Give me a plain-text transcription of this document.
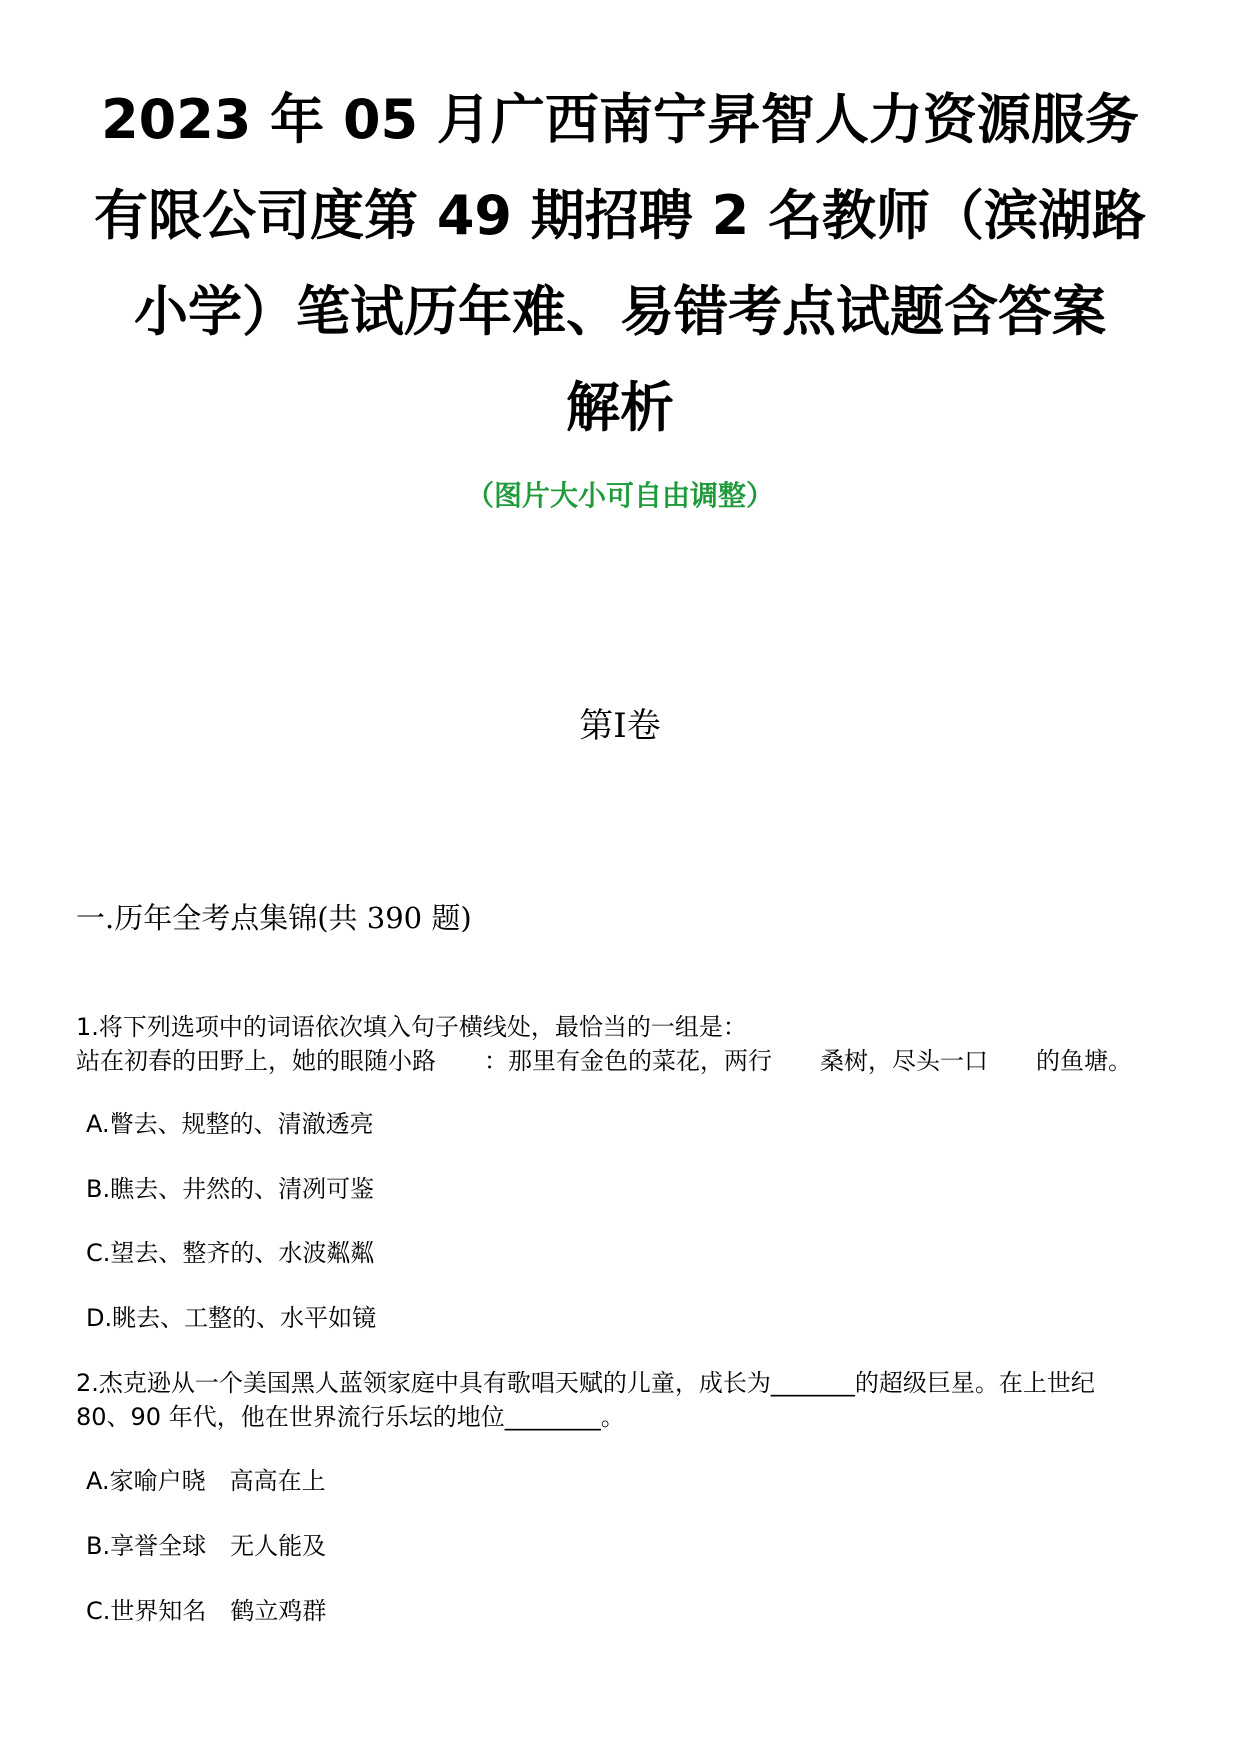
2023 年 05 月广西南宁昇智人力资源服务
有限公司度第 49 期招聘 2 名教师（滨湖路
小学）笔试历年难、易错考点试题含答案
解析
（图片大小可自由调整）
第Ⅰ卷
一.历年全考点集锦(共 390 题)
1.将下列选项中的词语依次填入句子横线处，最恰当的一组是：
站在初春的田野上，她的眼随小路　　：那里有金色的菜花，两行　　桑树，尽头一口　　的鱼塘。
A.瞥去、规整的、清澈透亮
B.瞧去、井然的、清冽可鉴
C.望去、整齐的、水波粼粼
D.眺去、工整的、水平如镜
2.杰克逊从一个美国黑人蓝领家庭中具有歌唱天赋的儿童，成长为_______的超级巨星。在上世纪
80、90 年代，他在世界流行乐坛的地位________。
A.家喻户晓　高高在上
B.享誉全球　无人能及
C.世界知名　鹤立鸡群
